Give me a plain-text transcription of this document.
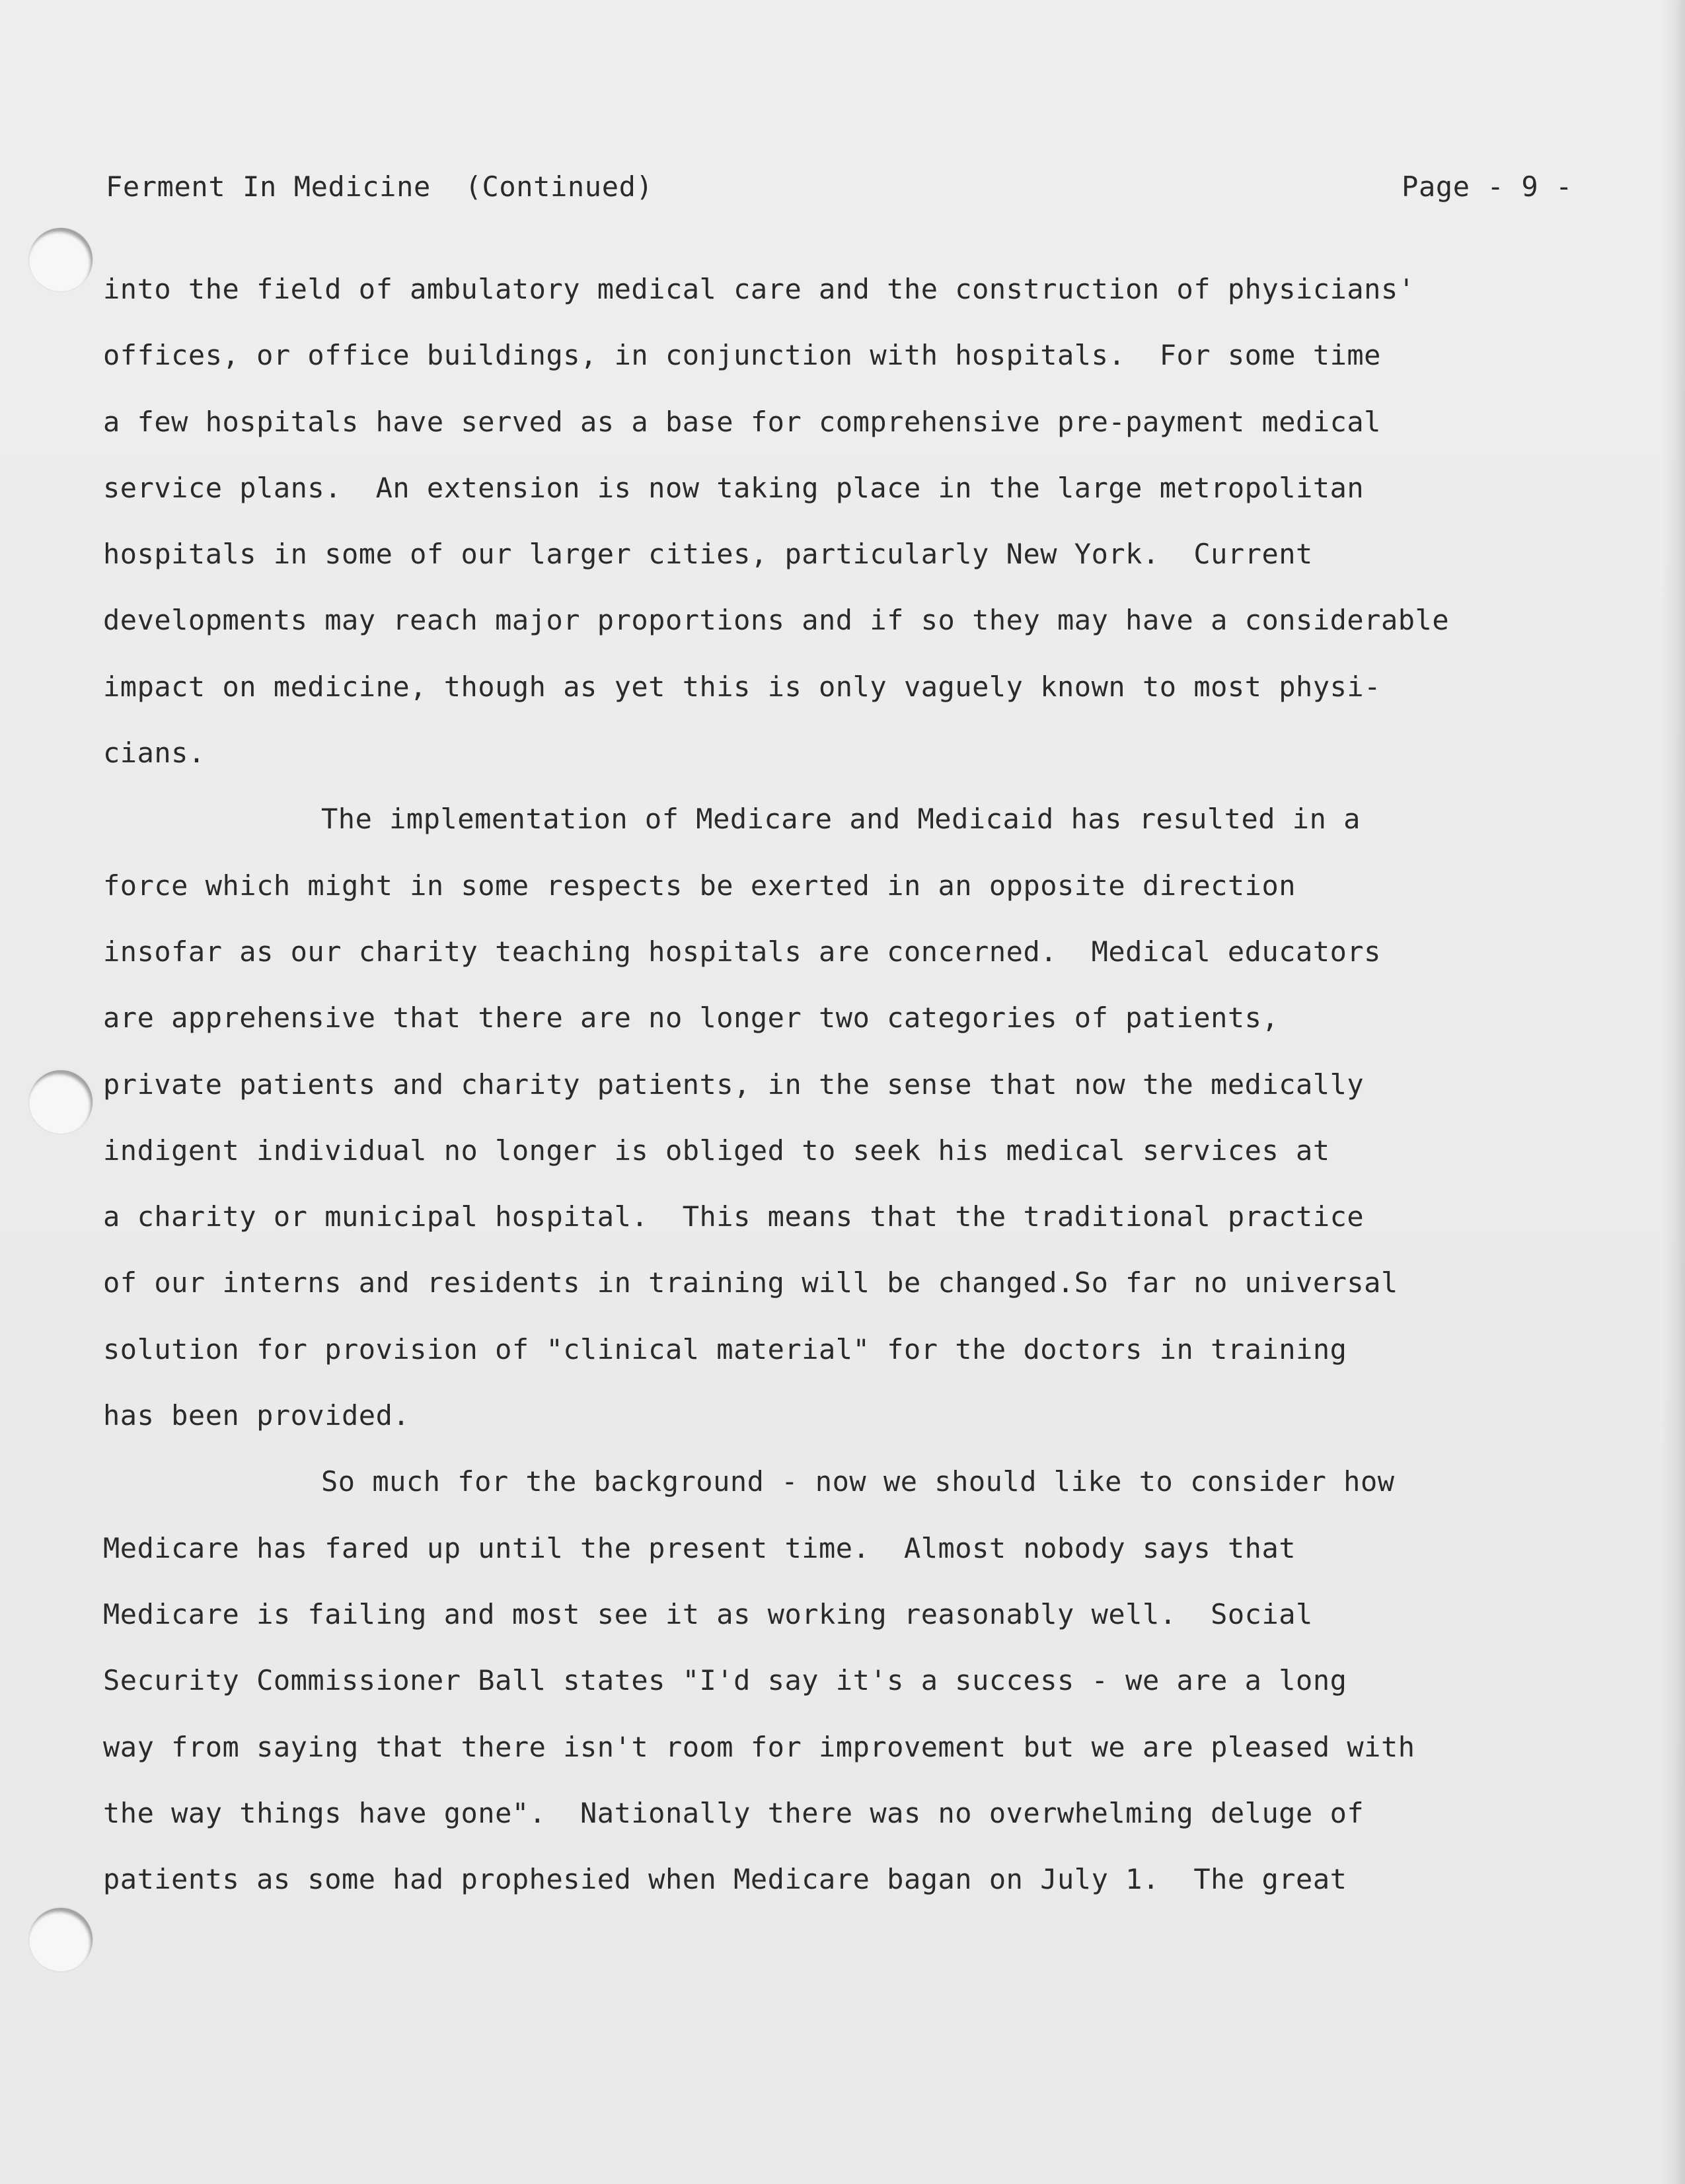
Ferment In Medicine  (Continued)	Page - 9 -
into the field of ambulatory medical care and the construction of physicians'
offices, or office buildings, in conjunction with hospitals.  For some time
a few hospitals have served as a base for comprehensive pre-payment medical
service plans.  An extension is now taking place in the large metropolitan
hospitals in some of our larger cities, particularly New York.  Current
developments may reach major proportions and if so they may have a considerable
impact on medicine, though as yet this is only vaguely known to most physi-
cians.
The implementation of Medicare and Medicaid has resulted in a
force which might in some respects be exerted in an opposite direction
insofar as our charity teaching hospitals are concerned.  Medical educators
are apprehensive that there are no longer two categories of patients,
private patients and charity patients, in the sense that now the medically
indigent individual no longer is obliged to seek his medical services at
a charity or municipal hospital.  This means that the traditional practice
of our interns and residents in training will be changed.So far no universal
solution for provision of "clinical material" for the doctors in training
has been provided.
So much for the background - now we should like to consider how
Medicare has fared up until the present time.  Almost nobody says that
Medicare is failing and most see it as working reasonably well.  Social
Security Commissioner Ball states "I'd say it's a success - we are a long
way from saying that there isn't room for improvement but we are pleased with
the way things have gone".  Nationally there was no overwhelming deluge of
patients as some had prophesied when Medicare bagan on July 1.  The great
